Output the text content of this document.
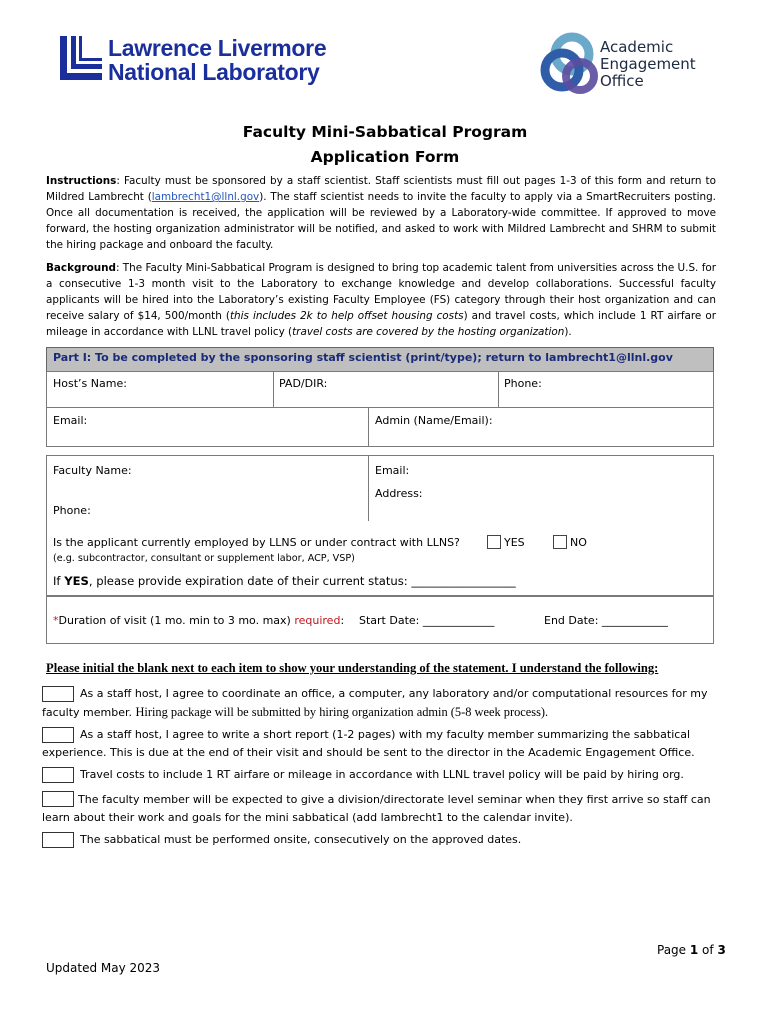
Lawrence Livermore
National Laboratory
Academic
Engagement
Office
Faculty Mini-Sabbatical Program
Application Form
Instructions: Faculty must be sponsored by a staff scientist. Staff scientists must fill out pages 1-3 of this form and return to Mildred Lambrecht (lambrecht1@llnl.gov). The staff scientist needs to invite the faculty to apply via a SmartRecruiters posting. Once all documentation is received, the application will be reviewed by a Laboratory-wide committee. If approved to move forward, the hosting organization administrator will be notified, and asked to work with Mildred Lambrecht and SHRM to submit the hiring package and onboard the faculty.
Background: The Faculty Mini-Sabbatical Program is designed to bring top academic talent from universities across the U.S. for a consecutive 1-3 month visit to the Laboratory to exchange knowledge and develop collaborations. Successful faculty applicants will be hired into the Laboratory’s existing Faculty Employee (FS) category through their host organization and can receive salary of $14, 500/month (this includes 2k to help offset housing costs) and travel costs, which include 1 RT airfare or mileage in accordance with LLNL travel policy (travel costs are covered by the hosting organization).
Part I: To be completed by the sponsoring staff scientist (print/type); return to lambrecht1@llnl.gov
Host’s Name:	PAD/DIR:	Phone:
Email:	Admin (Name/Email):
Faculty Name:	Email:
Address:
Phone:
Is the applicant currently employed by LLNS or under contract with LLNS?	YES	NO
(e.g. subcontractor, consultant or supplement labor, ACP, VSP)
If YES, please provide expiration date of their current status: __________________
*Duration of visit (1 mo. min to 3 mo. max) required: Start Date: _____________	End Date: ____________
Please initial the blank next to each item to show your understanding of the statement. I understand the following:
As a staff host, I agree to coordinate an office, a computer, any laboratory and/or computational resources for my faculty member. Hiring package will be submitted by hiring organization admin (5-8 week process).
As a staff host, I agree to write a short report (1-2 pages) with my faculty member summarizing the sabbatical experience. This is due at the end of their visit and should be sent to the director in the Academic Engagement Office.
Travel costs to include 1 RT airfare or mileage in accordance with LLNL travel policy will be paid by hiring org.
The faculty member will be expected to give a division/directorate level seminar when they first arrive so staff can learn about their work and goals for the mini sabbatical (add lambrecht1 to the calendar invite).
The sabbatical must be performed onsite, consecutively on the approved dates.
Page 1 of 3
Updated May 2023
